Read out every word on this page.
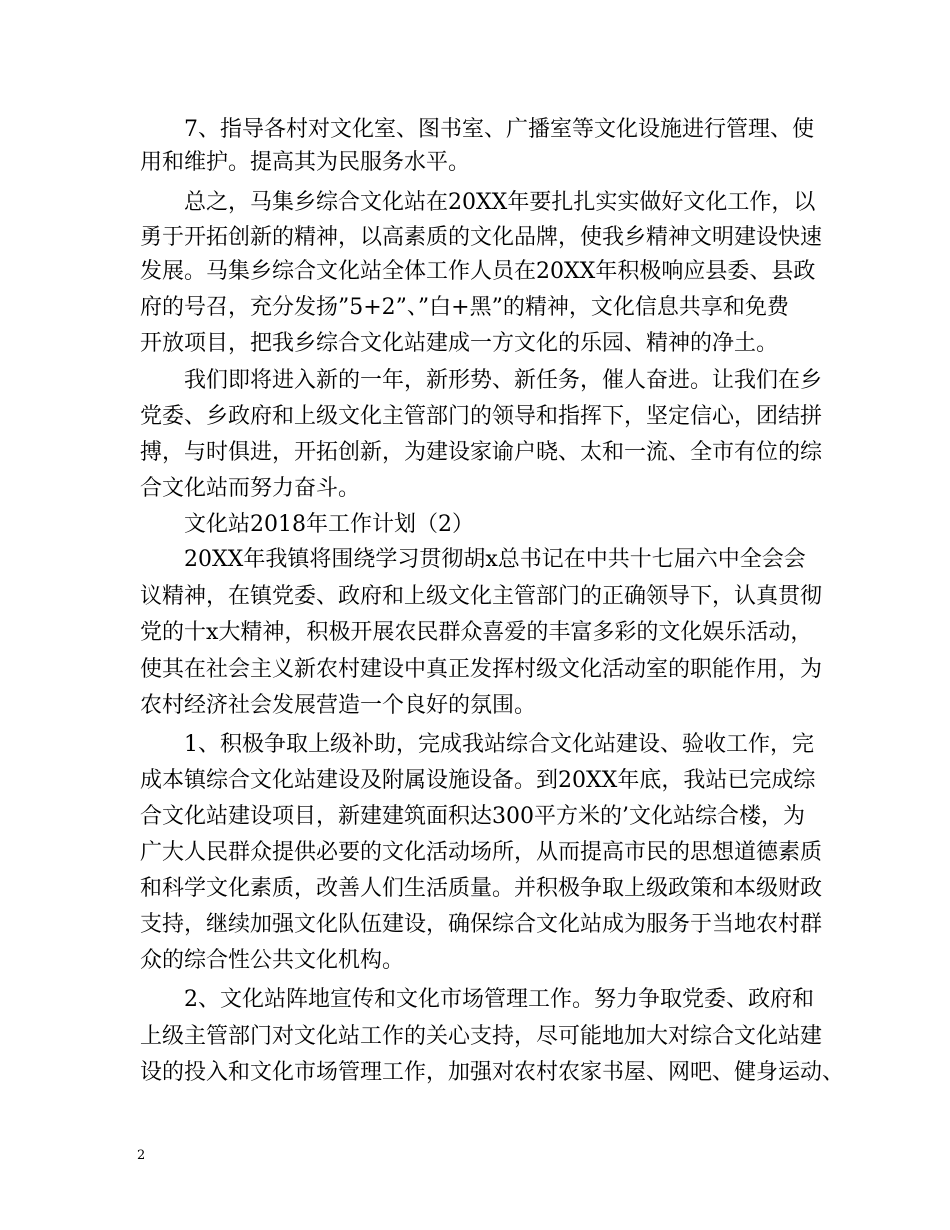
7、指导各村对文化室、图书室、广播室等文化设施进行管理、使
用和维护。提高其为民服务水平。
总之，马集乡综合文化站在20XX年要扎扎实实做好文化工作，以
勇于开拓创新的精神，以高素质的文化品牌，使我乡精神文明建设快速
发展。马集乡综合文化站全体工作人员在20XX年积极响应县委、县政
府的号召，充分发扬”5+2”、”白+黑”的精神，文化信息共享和免费
开放项目，把我乡综合文化站建成一方文化的乐园、精神的净土。
我们即将进入新的一年，新形势、新任务，催人奋进。让我们在乡
党委、乡政府和上级文化主管部门的领导和指挥下，坚定信心，团结拼
搏，与时俱进，开拓创新，为建设家谕户晓、太和一流、全市有位的综
合文化站而努力奋斗。
文化站2018年工作计划（2）
20XX年我镇将围绕学习贯彻胡x总书记在中共十七届六中全会会
议精神，在镇党委、政府和上级文化主管部门的正确领导下，认真贯彻
党的十x大精神，积极开展农民群众喜爱的丰富多彩的文化娱乐活动，
使其在社会主义新农村建设中真正发挥村级文化活动室的职能作用，为
农村经济社会发展营造一个良好的氛围。
1、积极争取上级补助，完成我站综合文化站建设、验收工作，完
成本镇综合文化站建设及附属设施设备。到20XX年底，我站已完成综
合文化站建设项目，新建建筑面积达300平方米的’文化站综合楼，为
广大人民群众提供必要的文化活动场所，从而提高市民的思想道德素质
和科学文化素质，改善人们生活质量。并积极争取上级政策和本级财政
支持，继续加强文化队伍建设，确保综合文化站成为服务于当地农村群
众的综合性公共文化机构。
2、文化站阵地宣传和文化市场管理工作。努力争取党委、政府和
上级主管部门对文化站工作的关心支持，尽可能地加大对综合文化站建
设的投入和文化市场管理工作，加强对农村农家书屋、网吧、健身运动、
2
